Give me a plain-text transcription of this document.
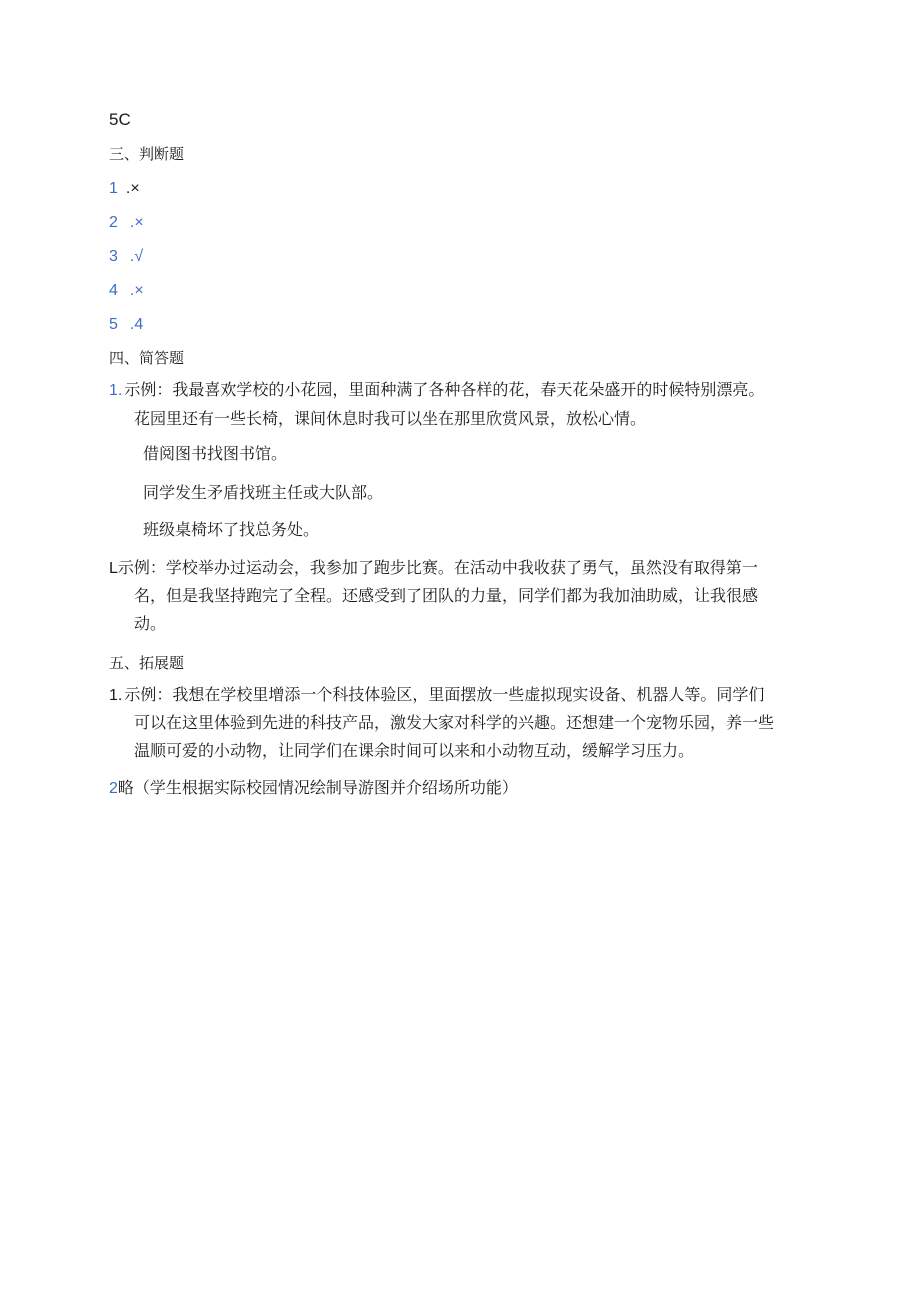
5C
三、判断题
1 .×
2 .×
3 .√
4 .×
5 .4
四、简答题
1. 示例：我最喜欢学校的小花园，里面种满了各种各样的花，春天花朵盛开的时候特别漂亮。
花园里还有一些长椅，课间休息时我可以坐在那里欣赏风景，放松心情。
借阅图书找图书馆。
同学发生矛盾找班主任或大队部。
班级桌椅坏了找总务处。
L示例：学校举办过运动会，我参加了跑步比赛。在活动中我收获了勇气，虽然没有取得第一
名，但是我坚持跑完了全程。还感受到了团队的力量，同学们都为我加油助威，让我很感
动。
五、拓展题
1. 示例：我想在学校里增添一个科技体验区，里面摆放一些虚拟现实设备、机器人等。同学们
可以在这里体验到先进的科技产品，激发大家对科学的兴趣。还想建一个宠物乐园，养一些
温顺可爱的小动物，让同学们在课余时间可以来和小动物互动，缓解学习压力。
2略（学生根据实际校园情况绘制导游图并介绍场所功能）
